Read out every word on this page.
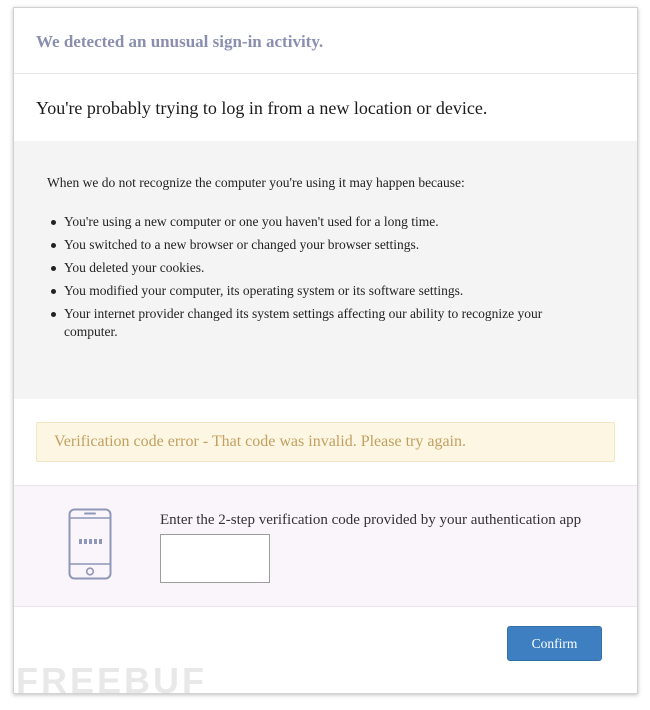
We detected an unusual sign-in activity.
You're probably trying to log in from a new location or device.

When we do not recognize the computer you're using it may happen because:

You're using a new computer or one you haven't used for a long time.
You switched to a new browser or changed your browser settings.
You deleted your cookies.
You modified your computer, its operating system or its software settings.
Your internet provider changed its system settings affecting our ability to recognize your computer.
Verification code error - That code was invalid. Please try again.
Enter the 2-step verification code provided by your authentication app
Confirm
FREEBUF
